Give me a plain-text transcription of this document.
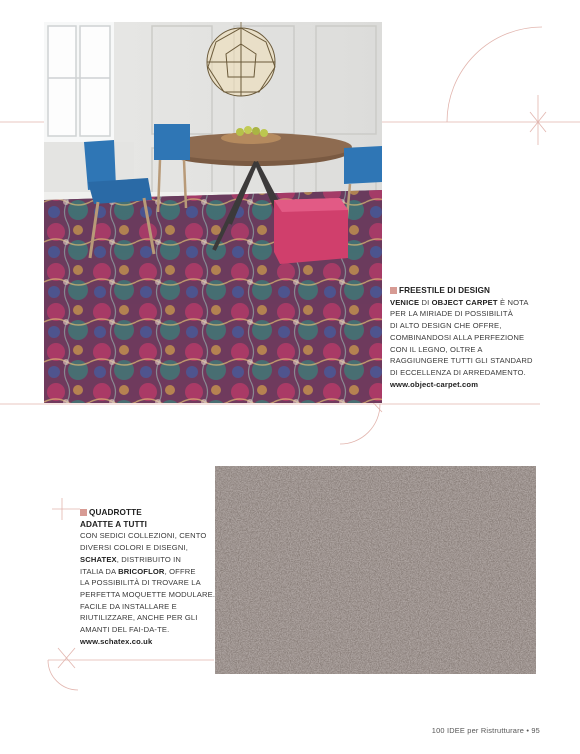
FREESTILE DI DESIGN
VENICE DI OBJECT CARPET È NOTA
PER LA MIRIADE DI POSSIBILITÀ
DI ALTO DESIGN CHE OFFRE,
COMBINANDOSI ALLA PERFEZIONE
CON IL LEGNO, OLTRE A
RAGGIUNGERE TUTTI GLI STANDARD
DI ECCELLENZA DI ARREDAMENTO.
www.object-carpet.com
QUADROTTE
ADATTE A TUTTI
CON SEDICI COLLEZIONI, CENTO
DIVERSI COLORI E DISEGNI,
SCHATEX, DISTRIBUITO IN
ITALIA DA BRICOFLOR, OFFRE
LA POSSIBILITÀ DI TROVARE LA
PERFETTA MOQUETTE MODULARE.
FACILE DA INSTALLARE E
RIUTILIZZARE, ANCHE PER GLI
AMANTI DEL FAI-DA-TE.
www.schatex.co.uk
100 IDEE per Ristrutturare • 95
